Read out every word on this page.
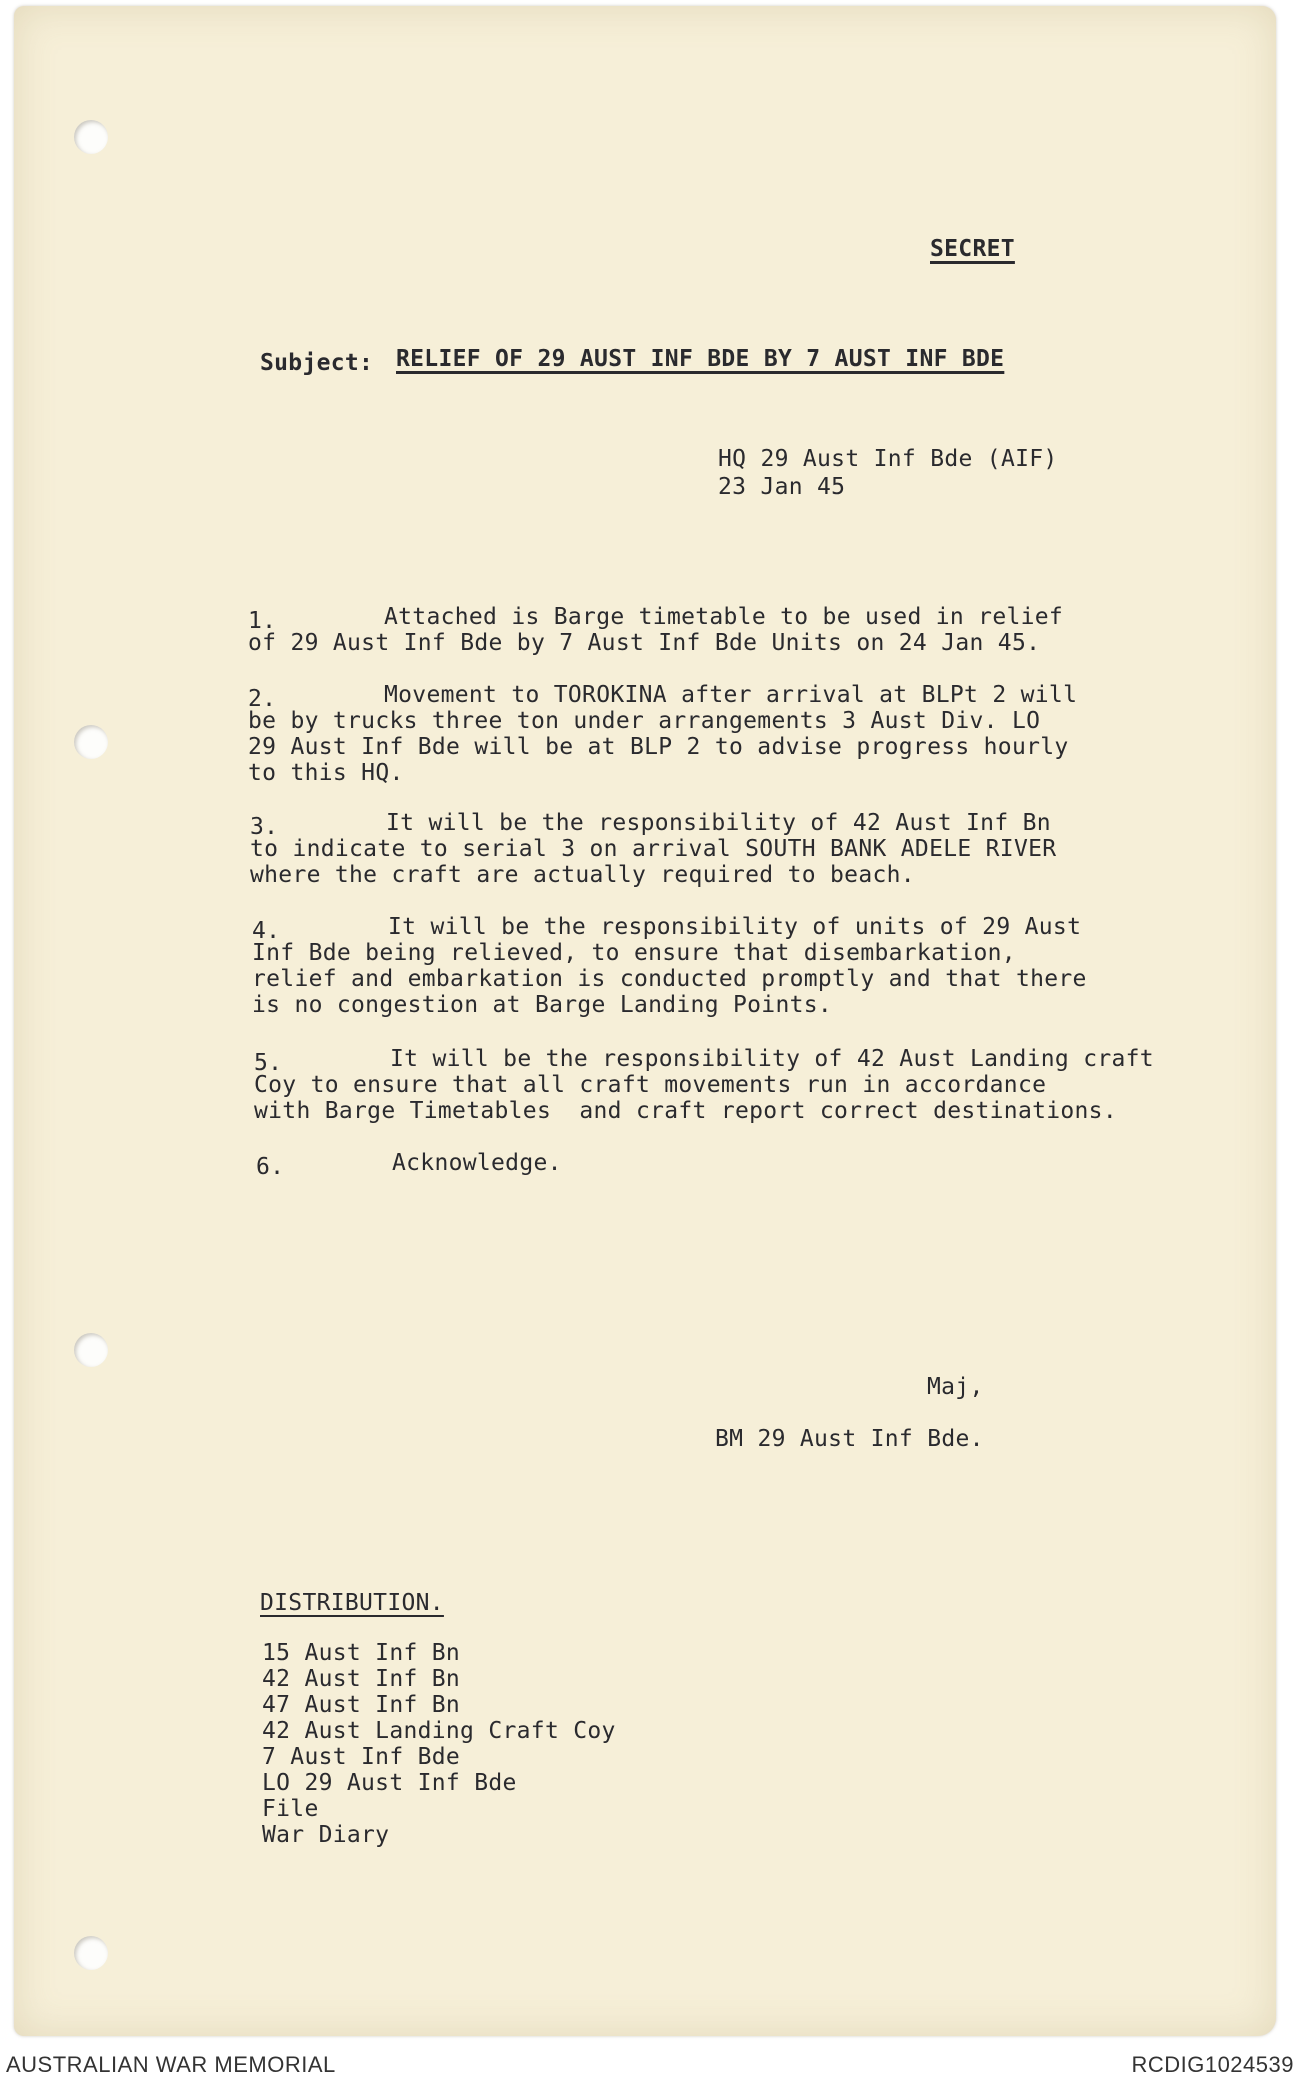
SECRET
Subject: RELIEF OF 29 AUST INF BDE BY 7 AUST INF BDE
HQ 29 Aust Inf Bde (AIF)
23 Jan 45
1.	Attached is Barge timetable to be used in relief
of 29 Aust Inf Bde by 7 Aust Inf Bde Units on 24 Jan 45.
2.	Movement to TOROKINA after arrival at BLPt 2 will
be by trucks three ton under arrangements 3 Aust Div. LO
29 Aust Inf Bde will be at BLP 2 to advise progress hourly
to this HQ.
3.	It will be the responsibility of 42 Aust Inf Bn
to indicate to serial 3 on arrival SOUTH BANK ADELE RIVER
where the craft are actually required to beach.
4.	It will be the responsibility of units of 29 Aust
Inf Bde being relieved, to ensure that disembarkation,
relief and embarkation is conducted promptly and that there
is no congestion at Barge Landing Points.
5.	It will be the responsibility of 42 Aust Landing craft
Coy to ensure that all craft movements run in accordance
with Barge Timetables  and craft report correct destinations.
6.	Acknowledge.
Maj,
BM 29 Aust Inf Bde.
DISTRIBUTION.
15 Aust Inf Bn
42 Aust Inf Bn
47 Aust Inf Bn
42 Aust Landing Craft Coy
7 Aust Inf Bde
LO 29 Aust Inf Bde
File
War Diary
AUSTRALIAN WAR MEMORIAL	RCDIG1024539
